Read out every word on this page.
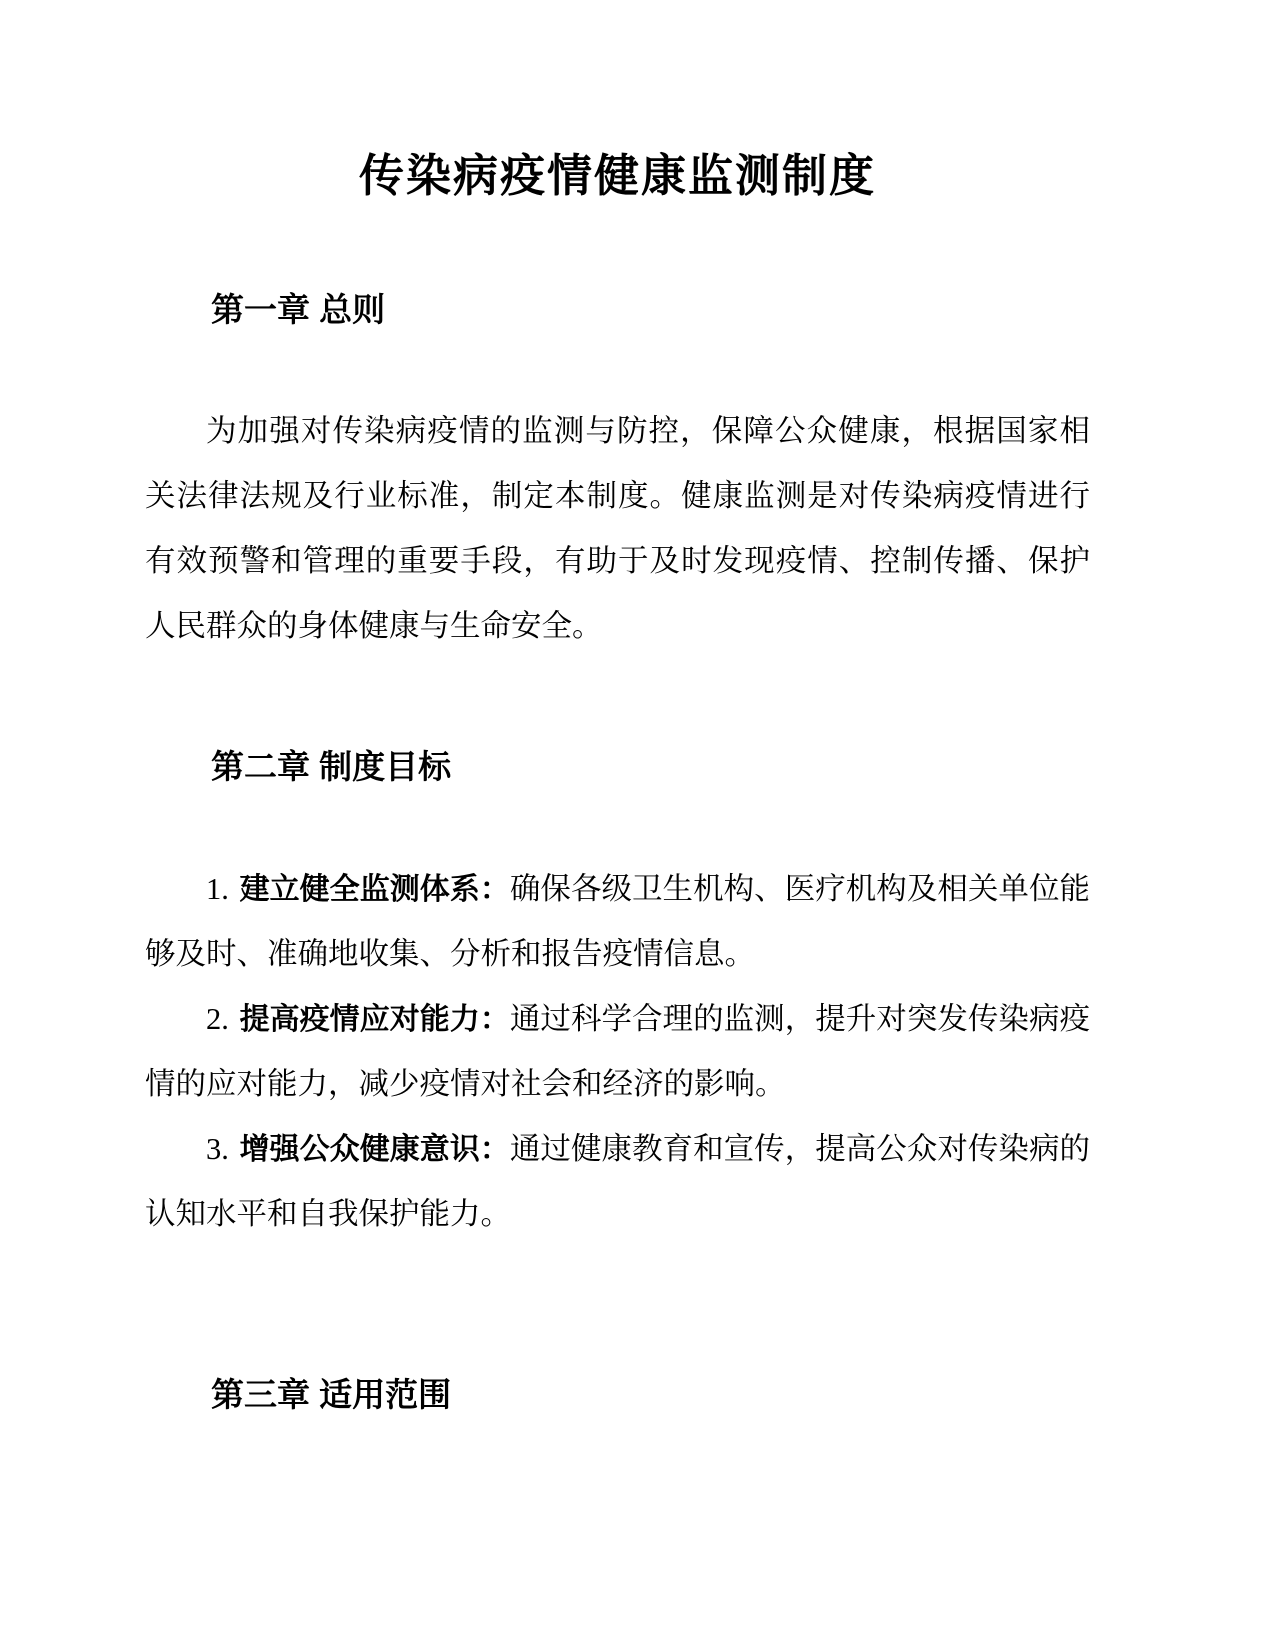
传染病疫情健康监测制度
第一章 总则

为加强对传染病疫情的监测与防控，保障公众健康，根据国家相关法律法规及行业标准，制定本制度。健康监测是对传染病疫情进行有效预警和管理的重要手段，有助于及时发现疫情、控制传播、保护人民群众的身体健康与生命安全。

第二章 制度目标

1. 建立健全监测体系：确保各级卫生机构、医疗机构及相关单位能够及时、准确地收集、分析和报告疫情信息。

2. 提高疫情应对能力：通过科学合理的监测，提升对突发传染病疫情的应对能力，减少疫情对社会和经济的影响。

3. 增强公众健康意识：通过健康教育和宣传，提高公众对传染病的认知水平和自我保护能力。

第三章 适用范围
